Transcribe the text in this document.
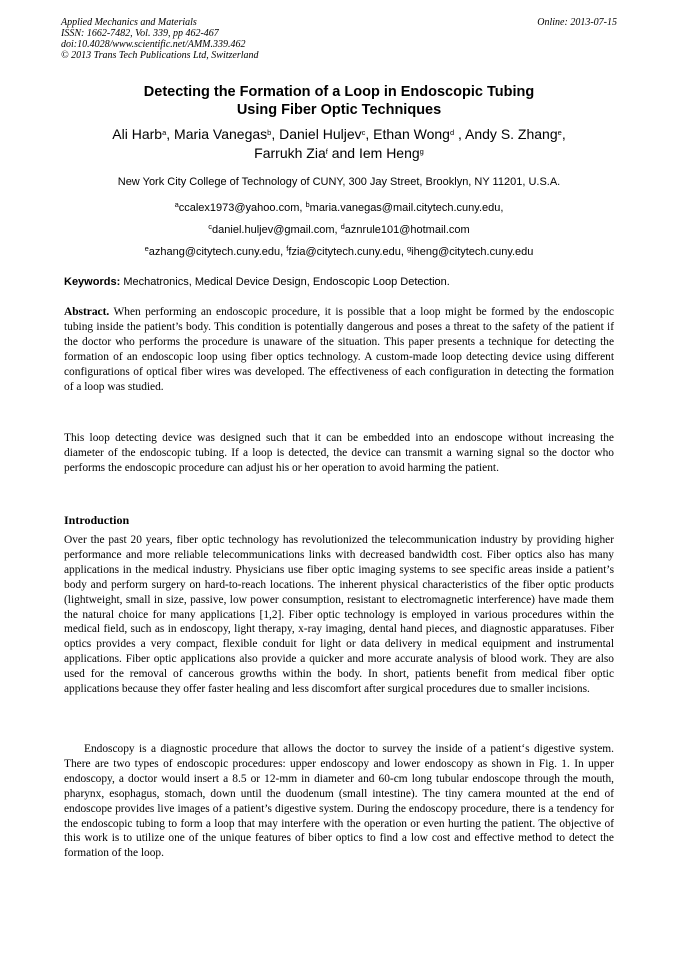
Applied Mechanics and Materials
ISSN: 1662-7482, Vol. 339, pp 462-467
doi:10.4028/www.scientific.net/AMM.339.462
© 2013 Trans Tech Publications Ltd, Switzerland
Online: 2013-07-15
Detecting the Formation of a Loop in Endoscopic Tubing
Using Fiber Optic Techniques
Ali Harb$^a$, Maria Vanegas$^b$, Daniel Huljev$^c$, Ethan Wong$^d$ , Andy S. Zhang$^e$,
Farrukh Zia$^f$ and Iem Heng$^g$
New York City College of Technology of CUNY, 300 Jay Street, Brooklyn, NY 11201, U.S.A.
$^a$ccalex1973@yahoo.com, $^b$maria.vanegas@mail.citytech.cuny.edu,
$^c$daniel.huljev@gmail.com, $^d$aznrule101@hotmail.com
$^e$azhang@citytech.cuny.edu, $^f$fzia@citytech.cuny.edu, $^g$iheng@citytech.cuny.edu
Keywords: Mechatronics, Medical Device Design, Endoscopic Loop Detection.

Abstract. When performing an endoscopic procedure, it is possible that a loop might be formed by the endoscopic tubing inside the patient’s body. This condition is potentially dangerous and poses a threat to the safety of the patient if the doctor who performs the procedure is unaware of the situation. This paper presents a technique for detecting the formation of an endoscopic loop using fiber optics technology. A custom-made loop detecting device using different configurations of optical fiber wires was developed. The effectiveness of each configuration in detecting the formation of a loop was studied.

This loop detecting device was designed such that it can be embedded into an endoscope without increasing the diameter of the endoscopic tubing. If a loop is detected, the device can transmit a warning signal so the doctor who performs the endoscopic procedure can adjust his or her operation to avoid harming the patient.

Introduction

Over the past 20 years, fiber optic technology has revolutionized the telecommunication industry by providing higher performance and more reliable telecommunications links with decreased bandwidth cost. Fiber optics also has many applications in the medical industry. Physicians use fiber optic imaging systems to see specific areas inside a patient’s body and perform surgery on hard-to-reach locations. The inherent physical characteristics of the fiber optic products (lightweight, small in size, passive, low power consumption, resistant to electromagnetic interference) have made them the natural choice for many applications [1,2]. Fiber optic technology is employed in various procedures within the medical field, such as in endoscopy, light therapy, x-ray imaging, dental hand pieces, and diagnostic apparatuses. Fiber optics provides a very compact, flexible conduit for light or data delivery in medical equipment and instrumental applications. Fiber optic applications also provide a quicker and more accurate analysis of blood work. They are also used for the removal of cancerous growths within the body. In short, patients benefit from medical fiber optic applications because they offer faster healing and less discomfort after surgical procedures due to smaller incisions.

Endoscopy is a diagnostic procedure that allows the doctor to survey the inside of a patient‘s digestive system. There are two types of endoscopic procedures: upper endoscopy and lower endoscopy as shown in Fig. 1. In upper endoscopy, a doctor would insert a 8.5 or 12-mm in diameter and 60-cm long tubular endoscope through the mouth, pharynx, esophagus, stomach, down until the duodenum (small intestine). The tiny camera mounted at the end of endoscope provides live images of a patient’s digestive system. During the endoscopy procedure, there is a tendency for the endoscopic tubing to form a loop that may interfere with the operation or even hurting the patient. The objective of this work is to utilize one of the unique features of biber optics to find a low cost and effective method to detect the formation of the loop.
